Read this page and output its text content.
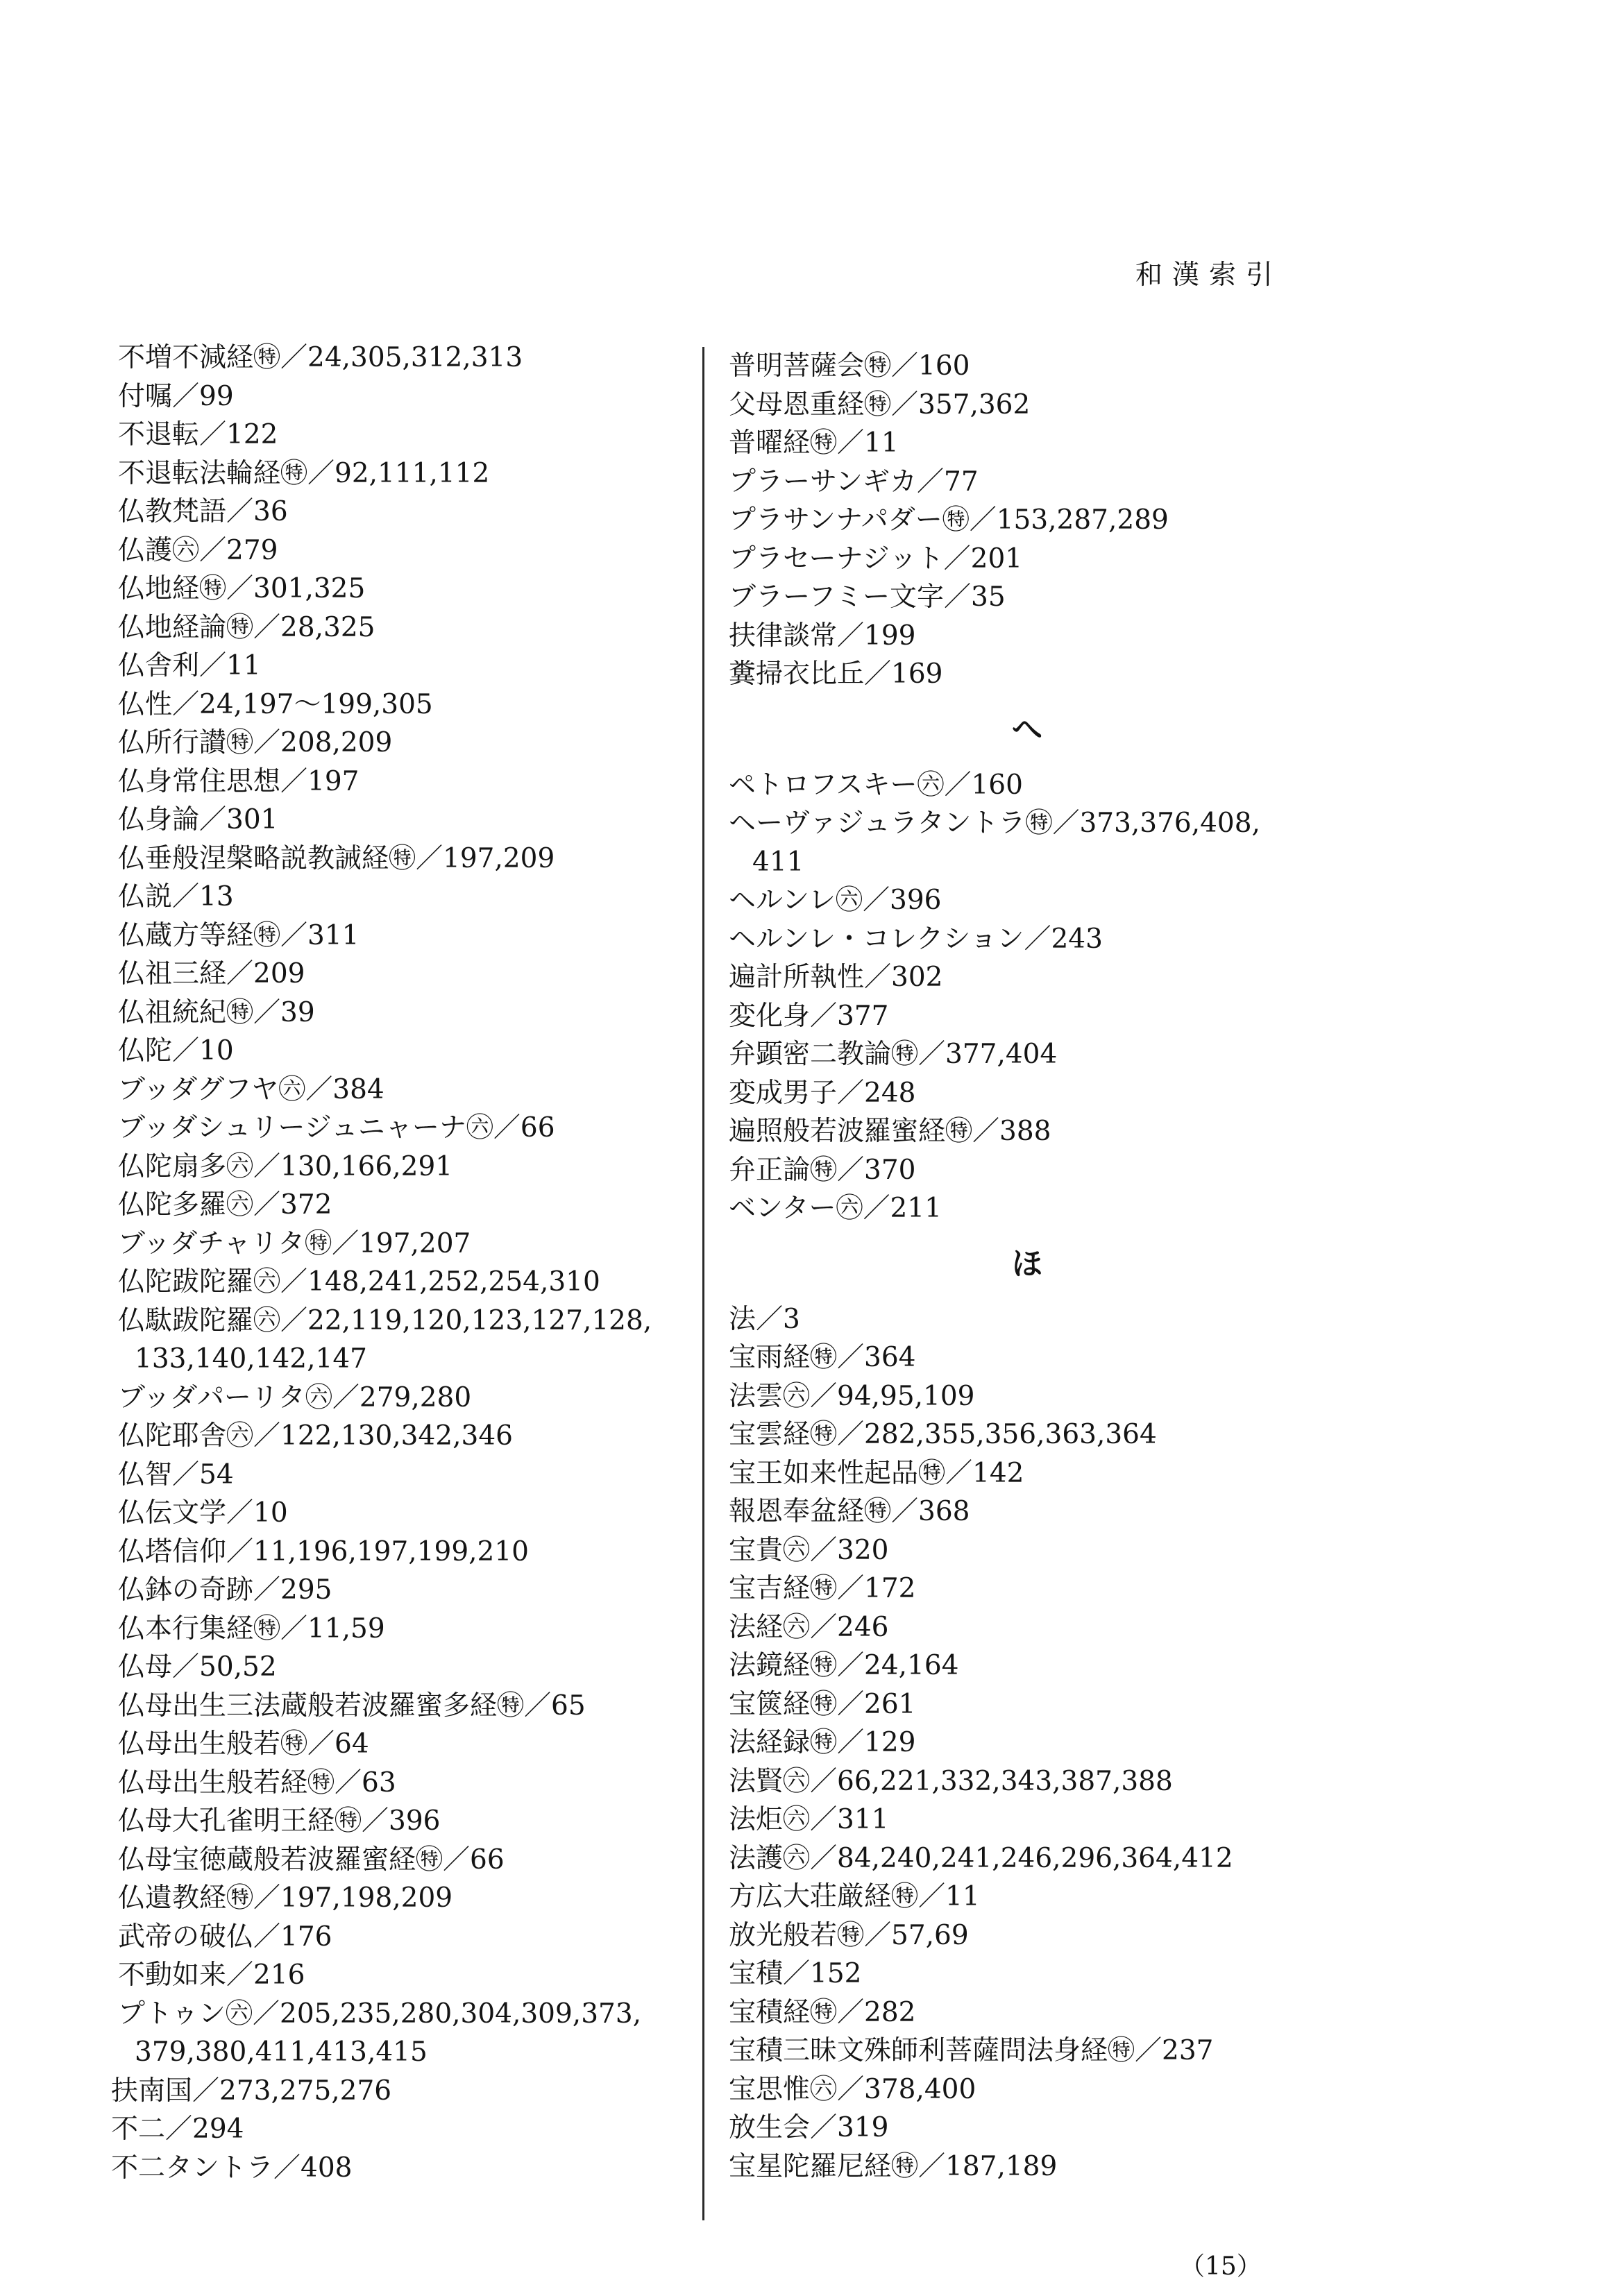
和漢索引
不増不減経㊕／24,305,312,313
付嘱／99
不退転／122
不退転法輪経㊕／92,111,112
仏教梵語／36
仏護㊅／279
仏地経㊕／301,325
仏地経論㊕／28,325
仏舎利／11
仏性／24,197〜199,305
仏所行讃㊕／208,209
仏身常住思想／197
仏身論／301
仏垂般涅槃略説教誡経㊕／197,209
仏説／13
仏蔵方等経㊕／311
仏祖三経／209
仏祖統紀㊕／39
仏陀／10
ブッダグフヤ㊅／384
ブッダシュリージュニャーナ㊅／66
仏陀扇多㊅／130,166,291
仏陀多羅㊅／372
ブッダチャリタ㊕／197,207
仏陀跋陀羅㊅／148,241,252,254,310
仏駄跋陀羅㊅／22,119,120,123,127,128,
133,140,142,147
ブッダパーリタ㊅／279,280
仏陀耶舎㊅／122,130,342,346
仏智／54
仏伝文学／10
仏塔信仰／11,196,197,199,210
仏鉢の奇跡／295
仏本行集経㊕／11,59
仏母／50,52
仏母出生三法蔵般若波羅蜜多経㊕／65
仏母出生般若㊕／64
仏母出生般若経㊕／63
仏母大孔雀明王経㊕／396
仏母宝徳蔵般若波羅蜜経㊕／66
仏遺教経㊕／197,198,209
武帝の破仏／176
不動如来／216
プトゥン㊅／205,235,280,304,309,373,
379,380,411,413,415
扶南国／273,275,276
不二／294
不二タントラ／408
普明菩薩会㊕／160
父母恩重経㊕／357,362
普曜経㊕／11
プラーサンギカ／77
プラサンナパダー㊕／153,287,289
プラセーナジット／201
ブラーフミー文字／35
扶律談常／199
糞掃衣比丘／169
へ
ペトロフスキー㊅／160
ヘーヴァジュラタントラ㊕／373,376,408,
411
ヘルンレ㊅／396
ヘルンレ・コレクション／243
遍計所執性／302
変化身／377
弁顕密二教論㊕／377,404
変成男子／248
遍照般若波羅蜜経㊕／388
弁正論㊕／370
ベンター㊅／211
ほ
法／3
宝雨経㊕／364
法雲㊅／94,95,109
宝雲経㊕／282,355,356,363,364
宝王如来性起品㊕／142
報恩奉盆経㊕／368
宝貴㊅／320
宝吉経㊕／172
法経㊅／246
法鏡経㊕／24,164
宝篋経㊕／261
法経録㊕／129
法賢㊅／66,221,332,343,387,388
法炬㊅／311
法護㊅／84,240,241,246,296,364,412
方広大荘厳経㊕／11
放光般若㊕／57,69
宝積／152
宝積経㊕／282
宝積三昧文殊師利菩薩問法身経㊕／237
宝思惟㊅／378,400
放生会／319
宝星陀羅尼経㊕／187,189
（15）
